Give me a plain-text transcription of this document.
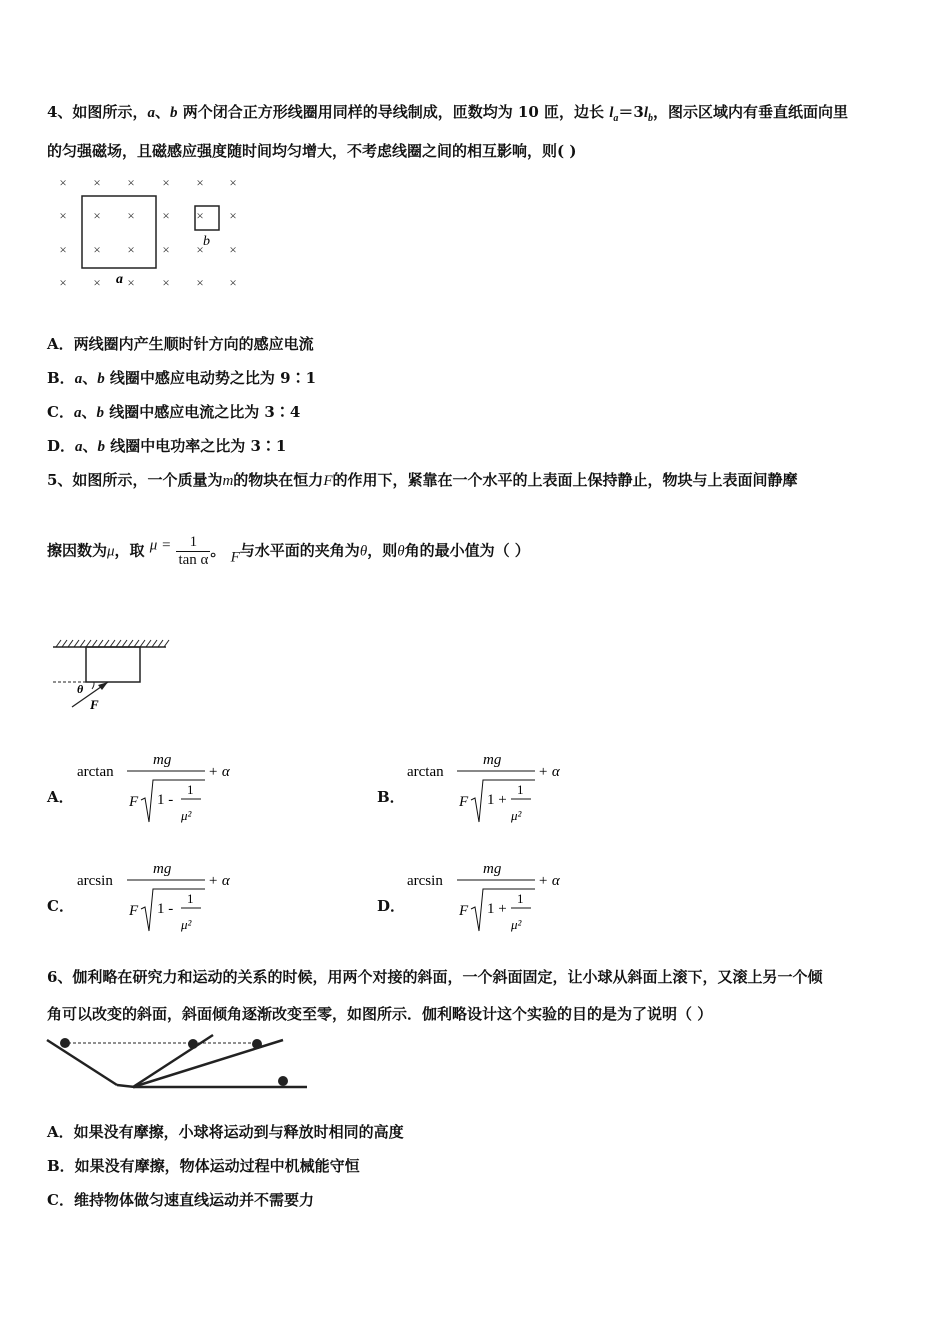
4、如图所示，a、b 两个闭合正方形线圈用同样的导线制成，匝数均为 10 匝，边长 $l_a=3l_b$，图示区域内有垂直纸面向里
的匀强磁场，且磁感应强度随时间均匀增大，不考虑线圈之间的相互影响，则( )
× × × × × ×
× × × × × ×
× × × × × ×
× × × × × ×
a
b
A．两线圈内产生顺时针方向的感应电流
B．a、b 线圈中感应电动势之比为 9∶1
C．a、b 线圈中感应电流之比为 3∶4
D．a、b 线圈中电功率之比为 3∶1
5、如图所示，一个质量为m的物块在恒力F的作用下，紧靠在一个水平的上表面上保持静止，物块与上表面间静摩
擦因数为μ，取 $\mu = \frac{1}{\text{tan α}}$ 。 F与水平面的夹角为θ，则θ角的最小值为（ ）
θ
F
A．
arctan
mg
F 1 -
1
μ²
+ α
B．
arctan
mg
F 1 +
1
μ²
+ α
C．
arcsin
mg
F 1 -
1
μ²
+ α
D．
arcsin
mg
F 1 +
1
μ²
+ α
6、伽利略在研究力和运动的关系的时候，用两个对接的斜面，一个斜面固定，让小球从斜面上滚下，又滚上另一个倾
角可以改变的斜面，斜面倾角逐渐改变至零，如图所示．伽利略设计这个实验的目的是为了说明（ ）
A．如果没有摩擦，小球将运动到与释放时相同的高度
B．如果没有摩擦，物体运动过程中机械能守恒
C．维持物体做匀速直线运动并不需要力
